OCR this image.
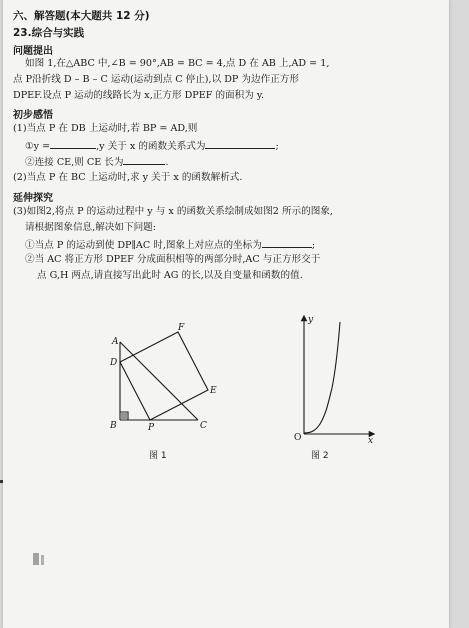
六、解答题(本大题共 12 分)
23.综合与实践
问题提出
如图 1,在△ABC 中,∠B = 90°,AB = BC = 4,点 D 在 AB 上,AD = 1,
点 P沿折线 D – B – C 运动(运动到点 C 停止),以 DP 为边作正方形
DPEF.设点 P 运动的线路长为 x,正方形 DPEF 的面积为 y.
初步感悟
(1)当点 P 在 DB 上运动时,若 BP = AD,则
①y =	,y 关于 x 的函数关系式为	;
②连接 CE,则 CE 长为	.
(2)当点 P 在 BC 上运动时,求 y 关于 x 的函数解析式.
延伸探究
(3)如图2,将点 P 的运动过程中 y 与 x 的函数关系绘制成如图2 所示的图象,
请根据图象信息,解决如下问题:
①当点 P 的运动到使 DP∥AC 时,图象上对应点的坐标为	;
②当 AC 将正方形 DPEF 分成面积相等的两部分时,AC 与正方形交于
点 G,H 两点,请直接写出此时 AG 的长,以及自变量和函数的值.
A
B	C
D
E
F
P
图 1
y
x
O
图 2
